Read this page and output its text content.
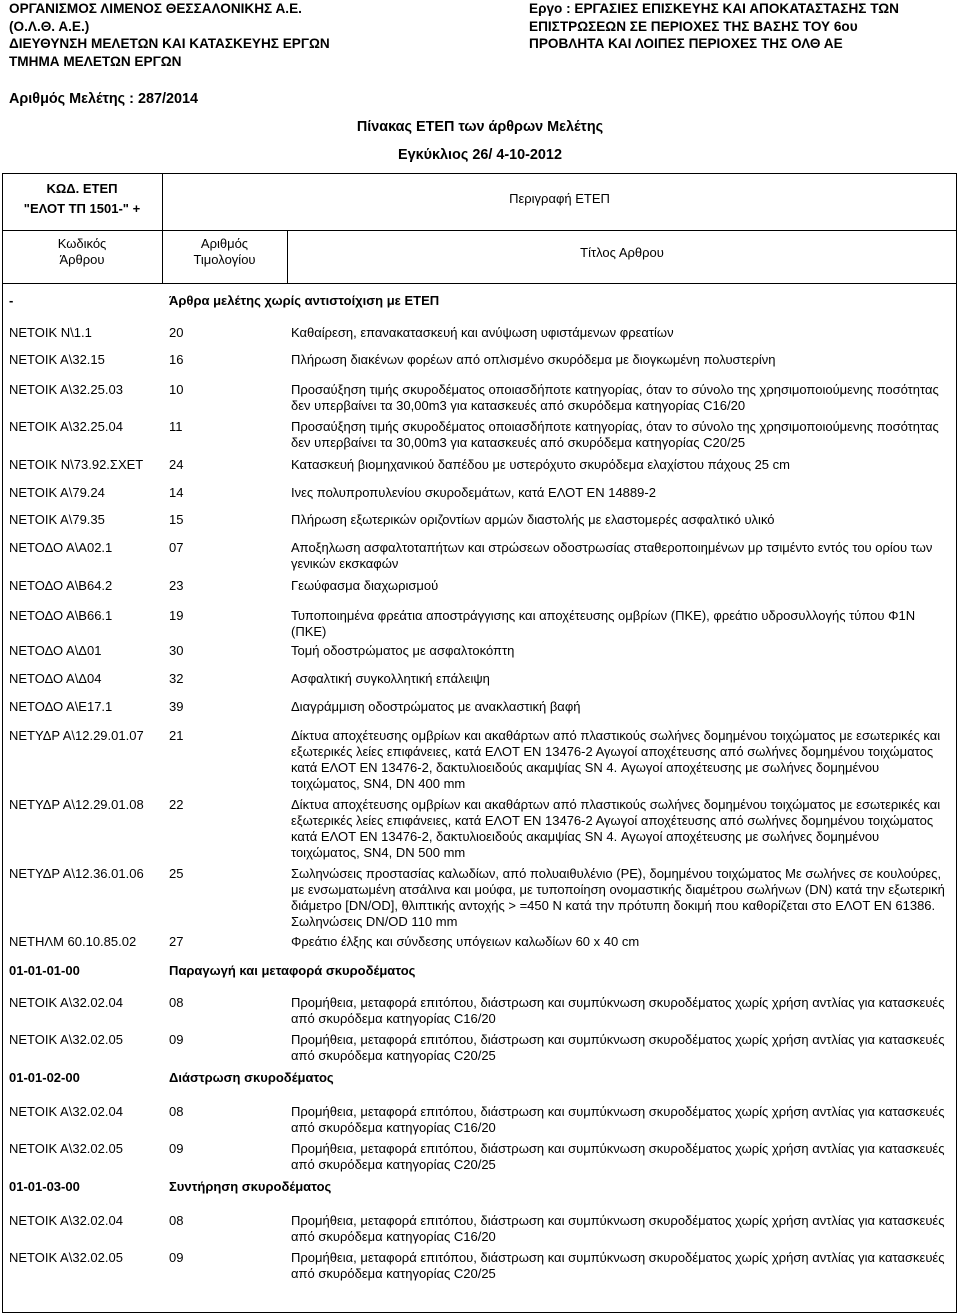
ΟΡΓΑΝΙΣΜΟΣ ΛΙΜΕΝΟΣ ΘΕΣΣΑΛΟΝΙΚΗΣ Α.Ε.
(Ο.Λ.Θ. Α.Ε.)
ΔΙΕΥΘΥΝΣΗ ΜΕΛΕΤΩΝ ΚΑΙ ΚΑΤΑΣΚΕΥΗΣ ΕΡΓΩΝ
ΤΜΗΜΑ ΜΕΛΕΤΩΝ ΕΡΓΩΝ
Εργο : ΕΡΓΑΣΙΕΣ ΕΠΙΣΚΕΥΗΣ ΚΑΙ ΑΠΟΚΑΤΑΣΤΑΣΗΣ ΤΩΝ
ΕΠΙΣΤΡΩΣΕΩΝ ΣΕ ΠΕΡΙΟΧΕΣ ΤΗΣ ΒΑΣΗΣ ΤΟΥ 6ου
ΠΡΟΒΛΗΤΑ ΚΑΙ ΛΟΙΠΕΣ ΠΕΡΙΟΧΕΣ ΤΗΣ ΟΛΘ ΑΕ
Αριθμός Μελέτης : 287/2014
Πίνακας ΕΤΕΠ των άρθρων Μελέτης
Εγκύκλιος 26/ 4-10-2012
ΚΩΔ. ΕΤΕΠ
"ΕΛΟΤ ΤΠ 1501-" +
Περιγραφή ΕΤΕΠ
Κωδικός
Άρθρου
Αριθμός
Τιμολογίου	Τίτλος Αρθρου
-	Άρθρα μελέτης χωρίς αντιστοίχιση με ΕΤΕΠ
ΝΕΤΟΙΚ Ν\1.1	20	Καθαίρεση, επανακατασκευή και ανύψωση υφιστάμενων φρεατίων
ΝΕΤΟΙΚ Α\32.15	16	Πλήρωση διακένων φορέων από οπλισμένο σκυρόδεμα με διογκωμένη πολυστερίνη
ΝΕΤΟΙΚ Α\32.25.03	10	Προσαύξηση τιμής σκυροδέματος οποιασδήποτε κατηγορίας, όταν το σύνολο της χρησιμοποιούμενης ποσότητας δεν υπερβαίνει τα 30,00m3 για κατασκευές από σκυρόδεμα κατηγορίας C16/20
ΝΕΤΟΙΚ Α\32.25.04	11	Προσαύξηση τιμής σκυροδέματος οποιασδήποτε κατηγορίας, όταν το σύνολο της χρησιμοποιούμενης ποσότητας δεν υπερβαίνει τα 30,00m3 για κατασκευές από σκυρόδεμα κατηγορίας C20/25
ΝΕΤΟΙΚ Ν\73.92.ΣΧΕΤ 24	Κατασκευή βιομηχανικού δαπέδου με υστερόχυτο σκυρόδεμα ελαχίστου πάχους 25 cm
ΝΕΤΟΙΚ Α\79.24	14	Ινες πολυπροπυλενίου σκυροδεμάτων, κατά ΕΛΟΤ ΕΝ 14889-2
ΝΕΤΟΙΚ Α\79.35	15	Πλήρωση εξωτερικών οριζοντίων αρμών διαστολής με ελαστομερές ασφαλτικό υλικό
ΝΕΤΟΔΟ Α\Α02.1	07	Αποξηλωση ασφαλτοταπήτων και στρώσεων οδοστρωσίας σταθεροποιημένων μρ τσιμέντο εντός του ορίου των γενικών εκσκαφών
ΝΕΤΟΔΟ Α\Β64.2	23	Γεωύφασμα διαχωρισμού
ΝΕΤΟΔΟ Α\Β66.1	19	Τυποποιημένα φρεάτια αποστράγγισης και αποχέτευσης ομβρίων (ΠΚΕ), φρεάτιο υδροσυλλογής τύπου Φ1Ν (ΠΚΕ)
ΝΕΤΟΔΟ Α\Δ01	30	Τομή οδοστρώματος με ασφαλτοκόπτη
ΝΕΤΟΔΟ Α\Δ04	32	Ασφαλτική συγκολλητική επάλειψη
ΝΕΤΟΔΟ Α\Ε17.1	39	Διαγράμμιση οδοστρώματος με ανακλαστική βαφή
ΝΕΤΥΔΡ Α\12.29.01.07 21	Δίκτυα αποχέτευσης ομβρίων και ακαθάρτων από πλαστικούς σωλήνες δομημένου τοιχώματος με εσωτερικές και εξωτερικές λείες επιφάνειες, κατά ΕΛΟΤ ΕΝ 13476-2 Αγωγοί αποχέτευσης από σωλήνες δομημένου τοιχώματος κατά ΕΛΟΤ ΕΝ 13476-2, δακτυλιοειδούς ακαμψίας SN 4. Αγωγοί αποχέτευσης με σωλήνες δομημένου τοιχώματος, SN4, DN 400 mm
ΝΕΤΥΔΡ Α\12.29.01.08 22	Δίκτυα αποχέτευσης ομβρίων και ακαθάρτων από πλαστικούς σωλήνες δομημένου τοιχώματος με εσωτερικές και εξωτερικές λείες επιφάνειες, κατά ΕΛΟΤ ΕΝ 13476-2 Αγωγοί αποχέτευσης από σωλήνες δομημένου τοιχώματος κατά ΕΛΟΤ ΕΝ 13476-2, δακτυλιοειδούς ακαμψίας SN 4. Αγωγοί αποχέτευσης με σωλήνες δομημένου τοιχώματος, SN4, DN 500 mm
ΝΕΤΥΔΡ Α\12.36.01.06 25	Σωληνώσεις προστασίας καλωδίων, από πολυαιθυλένιο (PE), δομημένου τοιχώματος Με σωλήνες σε κουλούρες, με ενσωματωμένη ατσάλινα και μούφα, με τυποποίηση ονομαστικής διαμέτρου σωλήνων (DN) κατά την εξωτερική διάμετρο [DN/OD], θλιπτικής αντοχής > =450 Ν κατά την πρότυπη δοκιμή που καθορίζεται στο ΕΛΟΤ ΕΝ 61386. Σωληνώσεις DN/OD 110 mm
ΝΕΤΗΛΜ 60.10.85.02	27	Φρεάτιο έλξης και σύνδεσης υπόγειων καλωδίων 60 x 40 cm
01-01-01-00	Παραγωγή και μεταφορά σκυροδέματος
ΝΕΤΟΙΚ Α\32.02.04	08	Προμήθεια, μεταφορά επιτόπου, διάστρωση και συμπύκνωση σκυροδέματος χωρίς χρήση αντλίας για κατασκευές από σκυρόδεμα κατηγορίας C16/20
ΝΕΤΟΙΚ Α\32.02.05	09	Προμήθεια, μεταφορά επιτόπου, διάστρωση και συμπύκνωση σκυροδέματος χωρίς χρήση αντλίας για κατασκευές από σκυρόδεμα κατηγορίας C20/25
01-01-02-00	Διάστρωση σκυροδέματος
ΝΕΤΟΙΚ Α\32.02.04	08	Προμήθεια, μεταφορά επιτόπου, διάστρωση και συμπύκνωση σκυροδέματος χωρίς χρήση αντλίας για κατασκευές από σκυρόδεμα κατηγορίας C16/20
ΝΕΤΟΙΚ Α\32.02.05	09	Προμήθεια, μεταφορά επιτόπου, διάστρωση και συμπύκνωση σκυροδέματος χωρίς χρήση αντλίας για κατασκευές από σκυρόδεμα κατηγορίας C20/25
01-01-03-00	Συντήρηση σκυροδέματος
ΝΕΤΟΙΚ Α\32.02.04	08	Προμήθεια, μεταφορά επιτόπου, διάστρωση και συμπύκνωση σκυροδέματος χωρίς χρήση αντλίας για κατασκευές από σκυρόδεμα κατηγορίας C16/20
ΝΕΤΟΙΚ Α\32.02.05	09	Προμήθεια, μεταφορά επιτόπου, διάστρωση και συμπύκνωση σκυροδέματος χωρίς χρήση αντλίας για κατασκευές από σκυρόδεμα κατηγορίας C20/25
